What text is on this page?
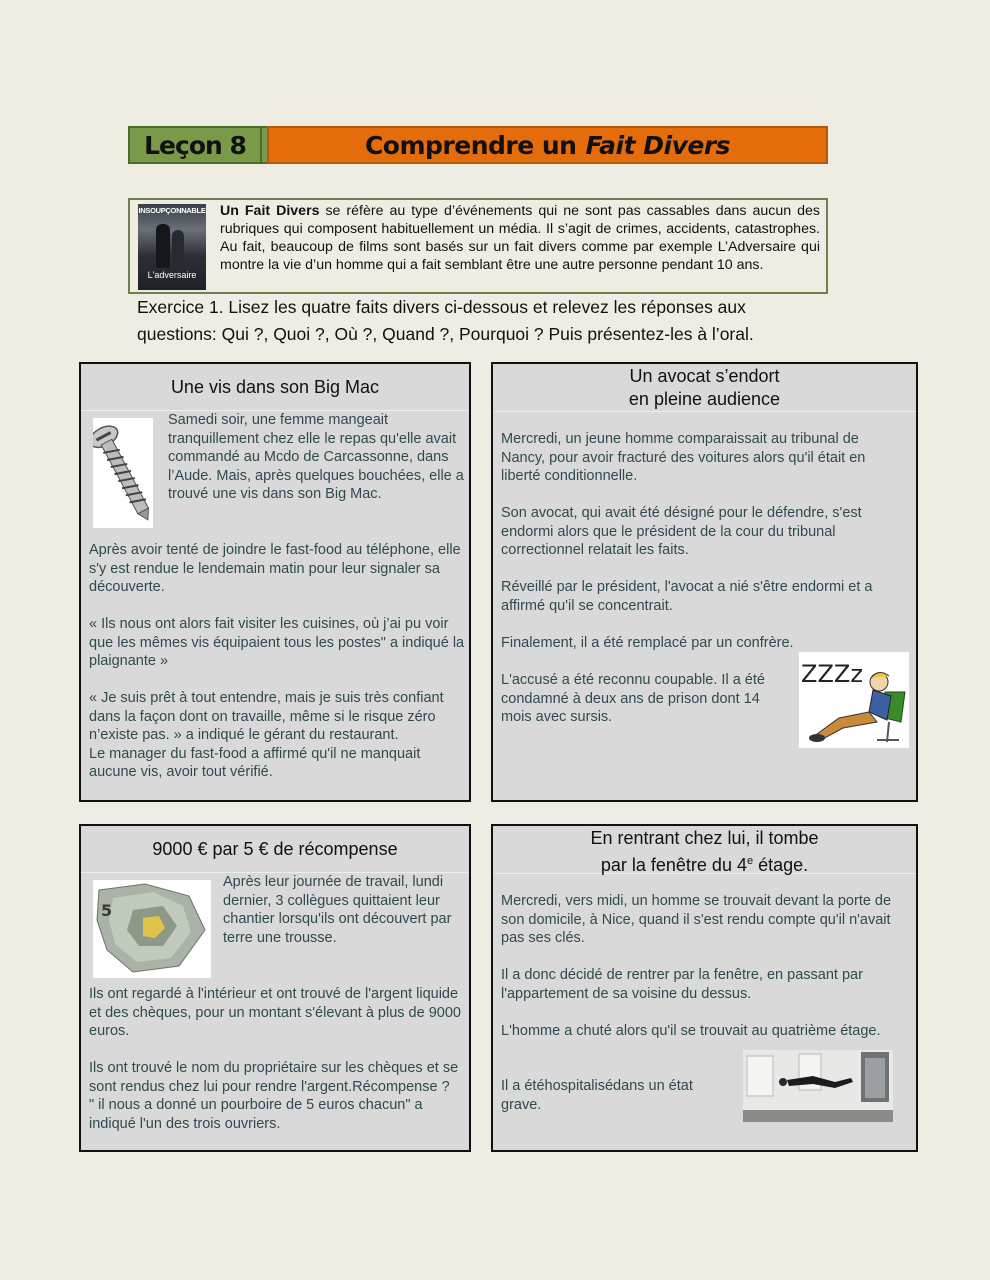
Leçon 8	Comprendre un Fait Divers
INSOUPÇONNABLE
L'adversaire

Un Fait Divers se réfère au type d’événements qui ne sont pas cassables dans aucun des rubriques qui composent habituellement un média. Il s’agit de crimes, accidents, catastrophes. Au fait, beaucoup de films sont basés sur un fait divers comme par exemple L’Adversaire qui montre la vie d’un homme qui a fait semblant être une autre personne pendant 10 ans.

Exercice 1. Lisez les quatre faits divers ci-dessous et relevez les réponses aux
questions: Qui ?, Quoi ?, Où ?, Quand ?, Pourquoi ? Puis présentez-les à l’oral.
Une vis dans son Big Mac
Samedi soir, une femme mangeait tranquillement chez elle le repas qu'elle avait commandé au Mcdo de Carcassonne, dans l’Aude. Mais, après quelques bouchées, elle a trouvé une vis dans son Big Mac.

Après avoir tenté de joindre le fast-food au téléphone, elle s'y est rendue le lendemain matin pour leur signaler sa découverte.

« Ils nous ont alors fait visiter les cuisines, où j’ai pu voir que les mêmes vis équipaient tous les postes" a indiqué la plaignante »

« Je suis prêt à tout entendre, mais je suis très confiant dans la façon dont on travaille, même si le risque zéro n’existe pas. » a indiqué le gérant du restaurant.

Le manager du fast-food a affirmé qu'il ne manquait aucune vis, avoir tout vérifié.

Un avocat s’endort
en pleine audience

Mercredi, un jeune homme comparaissait au tribunal de Nancy, pour avoir fracturé des voitures alors qu'il était en liberté conditionnelle.

Son avocat, qui avait été désigné pour le défendre, s'est endormi alors que le président de la cour du tribunal correctionnel relatait les faits.

Réveillé par le président, l'avocat a nié s'être endormi et a affirmé qu'il se concentrait.

Finalement, il a été remplacé par un confrère.

L'accusé a été reconnu coupable. Il a été condamné à deux ans de prison dont 14 mois avec sursis.
ZZZz
9000 € par 5 € de récompense
5
Après leur journée de travail, lundi dernier, 3 collègues quittaient leur chantier lorsqu'ils ont découvert par terre une trousse.

Ils ont regardé à l'intérieur et ont trouvé de l'argent liquide et des chèques, pour un montant s'élevant à plus de 9000 euros.

Ils ont trouvé le nom du propriétaire sur les chèques et se sont rendus chez lui pour rendre l'argent.Récompense ?

" il nous a donné un pourboire de 5 euros chacun" a indiqué l'un des trois ouvriers.

En rentrant chez lui, il tombe
par la fenêtre du 4e étage.

Mercredi, vers midi, un homme se trouvait devant la porte de son domicile, à Nice, quand il s'est rendu compte qu'il n'avait pas ses clés.

Il a donc décidé de rentrer par la fenêtre, en passant par l'appartement de sa voisine du dessus.

L'homme a chuté alors qu'il se trouvait au quatrième étage.

Il a étéhospitalisédans un état grave.
